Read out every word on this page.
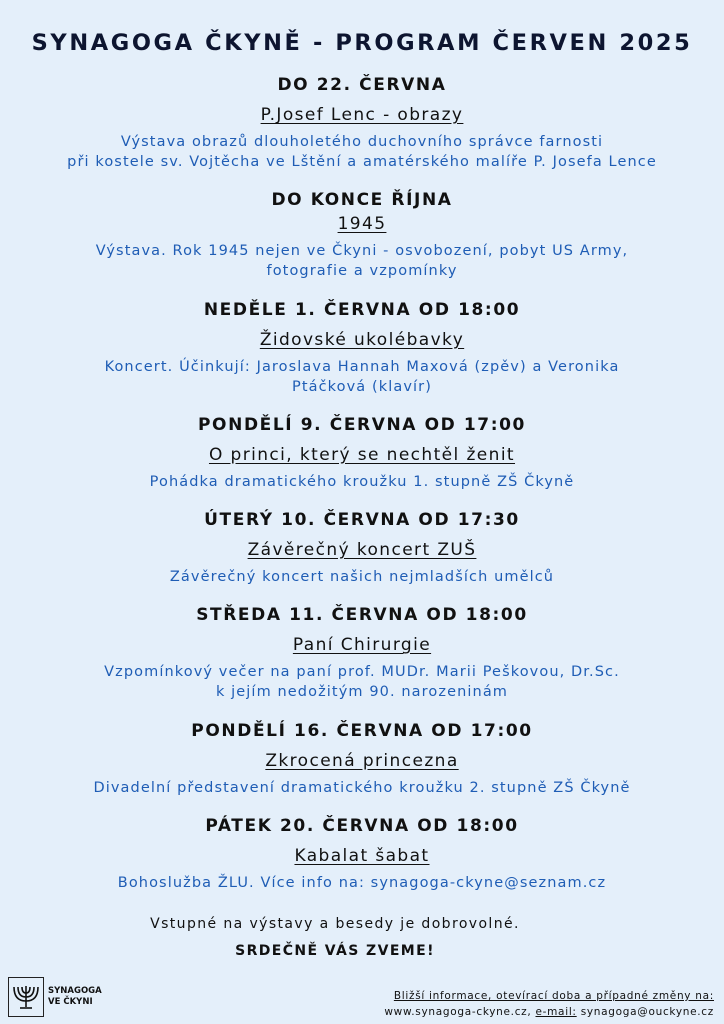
SYNAGOGA ČKYNĚ - PROGRAM ČERVEN 2025
DO 22. ČERVNA
P.Josef Lenc - obrazy
Výstava obrazů dlouholetého duchovního správce farnosti
při kostele sv. Vojtěcha ve Lštění a amatérského malíře P. Josefa Lence
DO KONCE ŘÍJNA
1945
Výstava. Rok 1945 nejen ve Čkyni - osvobození, pobyt US Army,
fotografie a vzpomínky
NEDĚLE 1. ČERVNA OD 18:00
Židovské ukolébavky
Koncert. Účinkují: Jaroslava Hannah Maxová (zpěv) a Veronika
Ptáčková (klavír)
PONDĚLÍ 9. ČERVNA OD 17:00
O princi, který se nechtěl ženit
Pohádka dramatického kroužku 1. stupně ZŠ Čkyně
ÚTERÝ 10. ČERVNA OD 17:30
Závěrečný koncert ZUŠ
Závěrečný koncert našich nejmladších umělců
STŘEDA 11. ČERVNA OD 18:00
Paní Chirurgie
Vzpomínkový večer na paní prof. MUDr. Marii Peškovou, Dr.Sc.
k jejím nedožitým 90. narozeninám
PONDĚLÍ 16. ČERVNA OD 17:00
Zkrocená princezna
Divadelní představení dramatického kroužku 2. stupně ZŠ Čkyně
PÁTEK 20. ČERVNA OD 18:00
Kabalat šabat
Bohoslužba ŽLU. Více info na: synagoga-ckyne@seznam.cz

Vstupné na výstavy a besedy je dobrovolné.

SRDEČNĚ VÁS ZVEME!

SYNAGOGA
VE ČKYNI	Bližší informace, otevírací doba a případné změny na:
www.synagoga-ckyne.cz, e-mail: synagoga@ouckyne.cz
